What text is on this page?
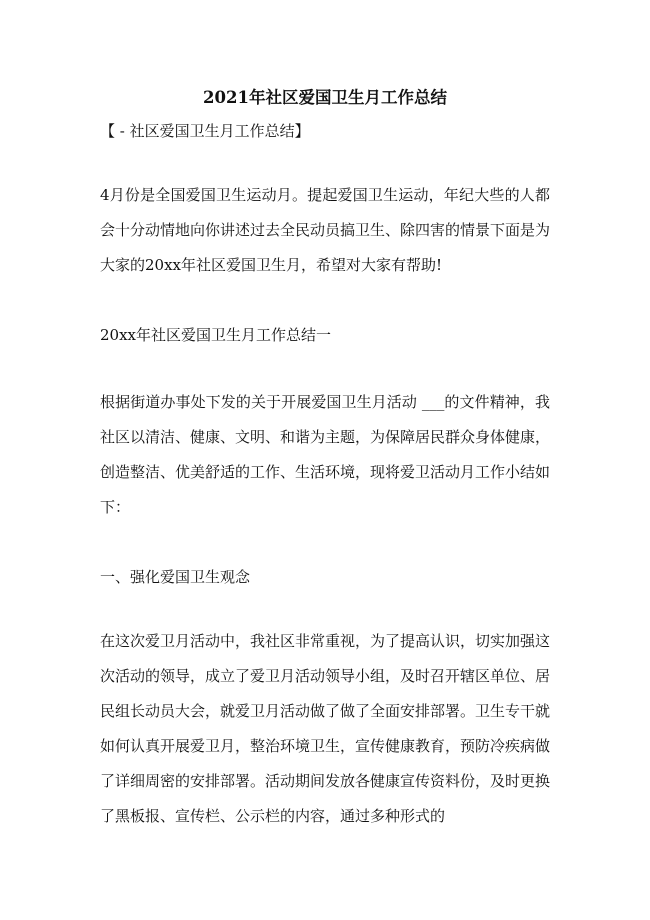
2021年社区爱国卫生月工作总结
【 - 社区爱国卫生月工作总结】

4月份是全国爱国卫生运动月。提起爱国卫生运动，年纪大些的人都会十分动情地向你讲述过去全民动员搞卫生、除四害的情景下面是为大家的20xx年社区爱国卫生月，希望对大家有帮助!

20xx年社区爱国卫生月工作总结一

根据街道办事处下发的关于开展爱国卫生月活动 ___的文件精神，我社区以清洁、健康、文明、和谐为主题，为保障居民群众身体健康，创造整洁、优美舒适的工作、生活环境，现将爱卫活动月工作小结如下：

一、强化爱国卫生观念

在这次爱卫月活动中，我社区非常重视，为了提高认识，切实加强这次活动的领导，成立了爱卫月活动领导小组，及时召开辖区单位、居民组长动员大会，就爱卫月活动做了做了全面安排部署。卫生专干就如何认真开展爱卫月，整治环境卫生，宣传健康教育，预防冷疾病做了详细周密的安排部署。活动期间发放各健康宣传资料份，及时更换了黑板报、宣传栏、公示栏的内容，通过多种形式的
